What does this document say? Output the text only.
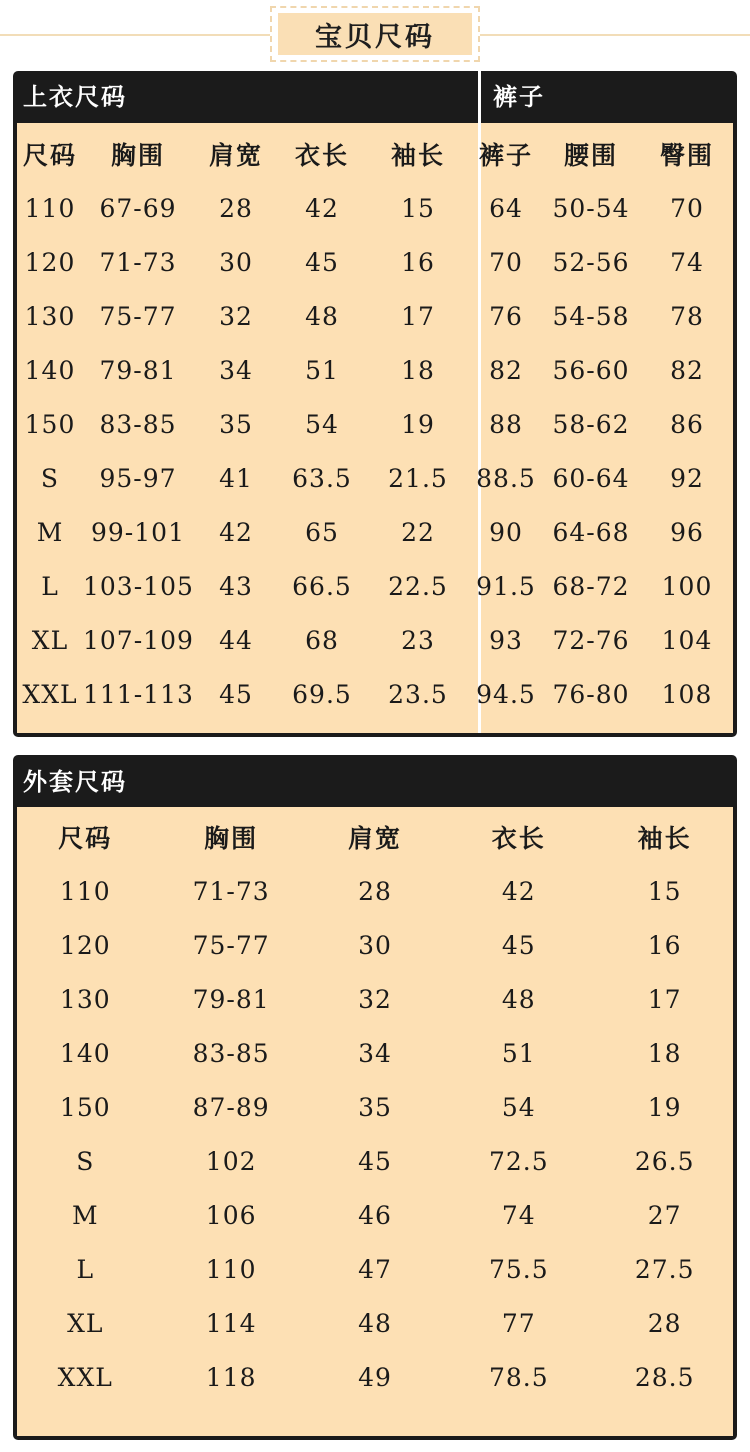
宝贝尺码
上衣尺码	裤子
尺码	胸围	肩宽	衣长	袖长	裤子	腰围	臀围
110	67-69	28	42	15	64	50-54	70
120	71-73	30	45	16	70	52-56	74
130	75-77	32	48	17	76	54-58	78
140	79-81	34	51	18	82	56-60	82
150	83-85	35	54	19	88	58-62	86
S	95-97	41	63.5	21.5	88.5	60-64	92
M	99-101	42	65	22	90	64-68	96
L	103-105	43	66.5	22.5	91.5	68-72	100
XL	107-109	44	68	23	93	72-76	104
XXL	111-113	45	69.5	23.5	94.5	76-80	108
外套尺码
尺码	胸围	肩宽	衣长	袖长
110	71-73	28	42	15
120	75-77	30	45	16
130	79-81	32	48	17
140	83-85	34	51	18
150	87-89	35	54	19
S	102	45	72.5	26.5
M	106	46	74	27
L	110	47	75.5	27.5
XL	114	48	77	28
XXL	118	49	78.5	28.5
